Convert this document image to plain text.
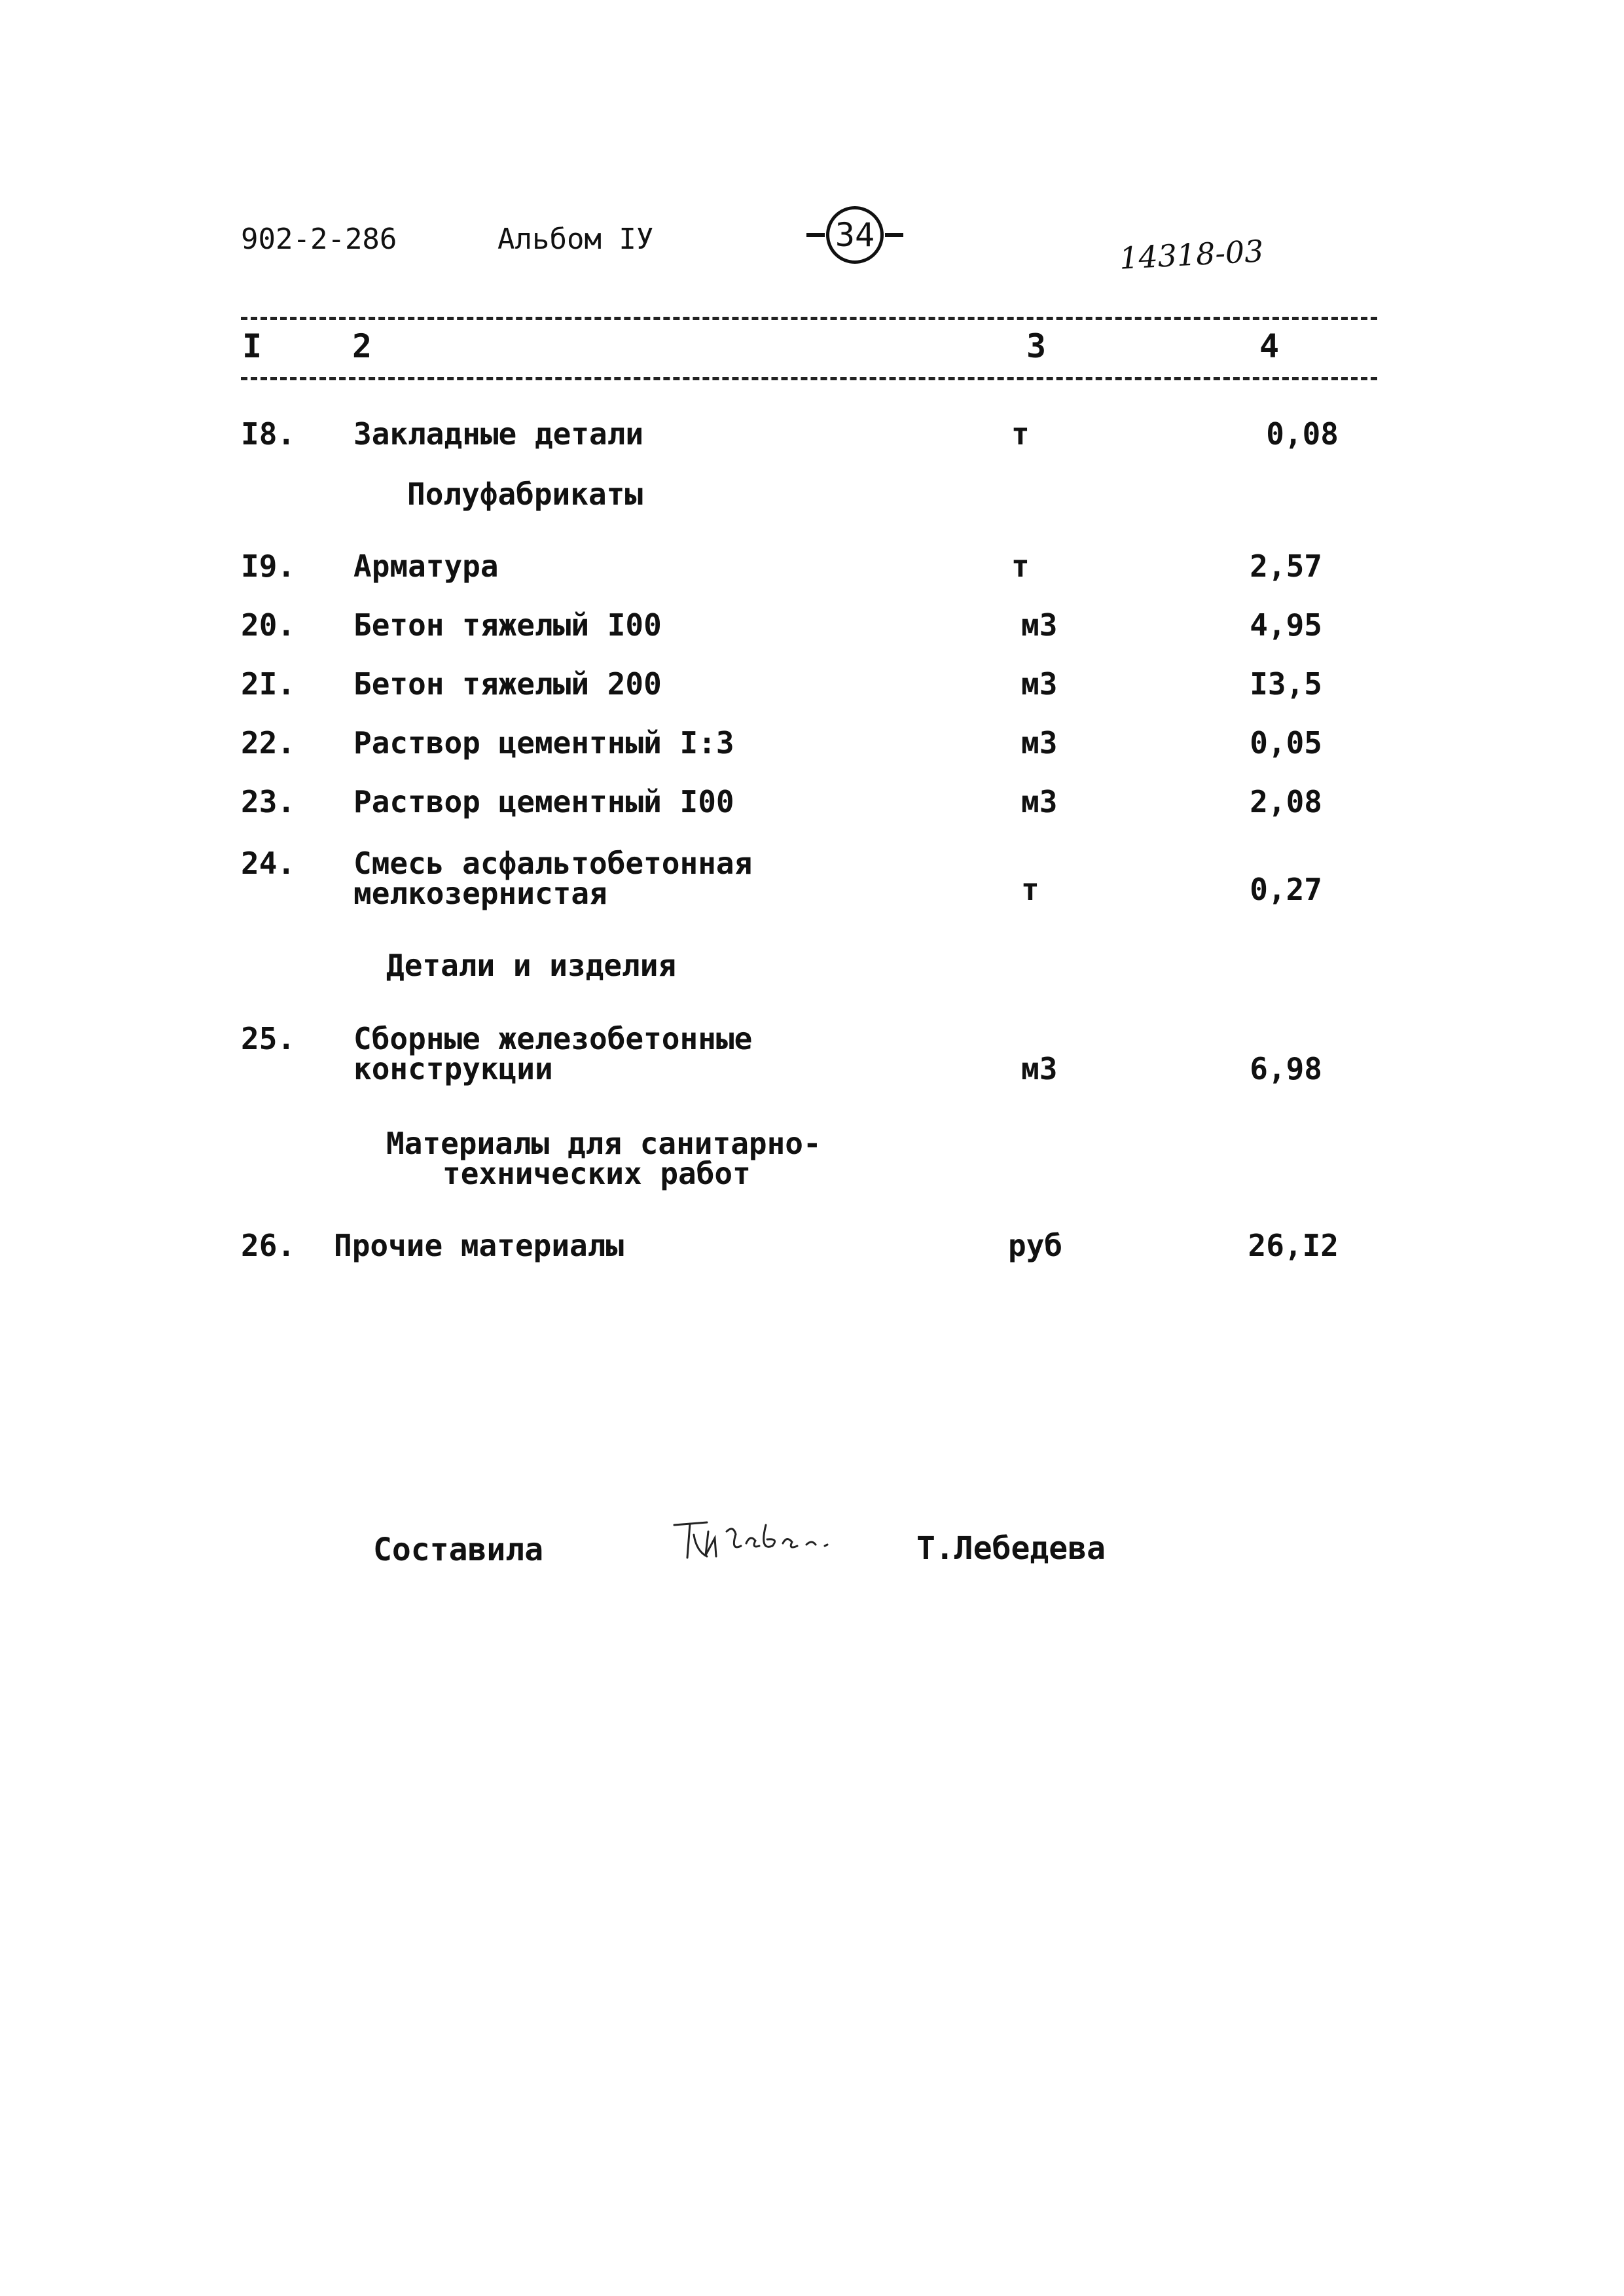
902-2-286	Альбом IУ	34	14318-03
I	2	3	4
I8. Закладные детали	т	0,08
Полуфабрикаты
I9. Арматура	т	2,57
20. Бетон тяжелый I00	м3	4,95
2I. Бетон тяжелый 200	м3	I3,5
22. Раствор цементный I:3	м3	0,05
23. Раствор цементный I00	м3	2,08
24. Смесь асфальтобетонная
мелкозернистая	т	0,27
Детали и изделия
25. Сборные железобетонные
конструкции	м3	6,98
Материалы для санитарно-
технических работ
26. Прочие материалы	руб	26,I2
Составила	Т.Лебедева
